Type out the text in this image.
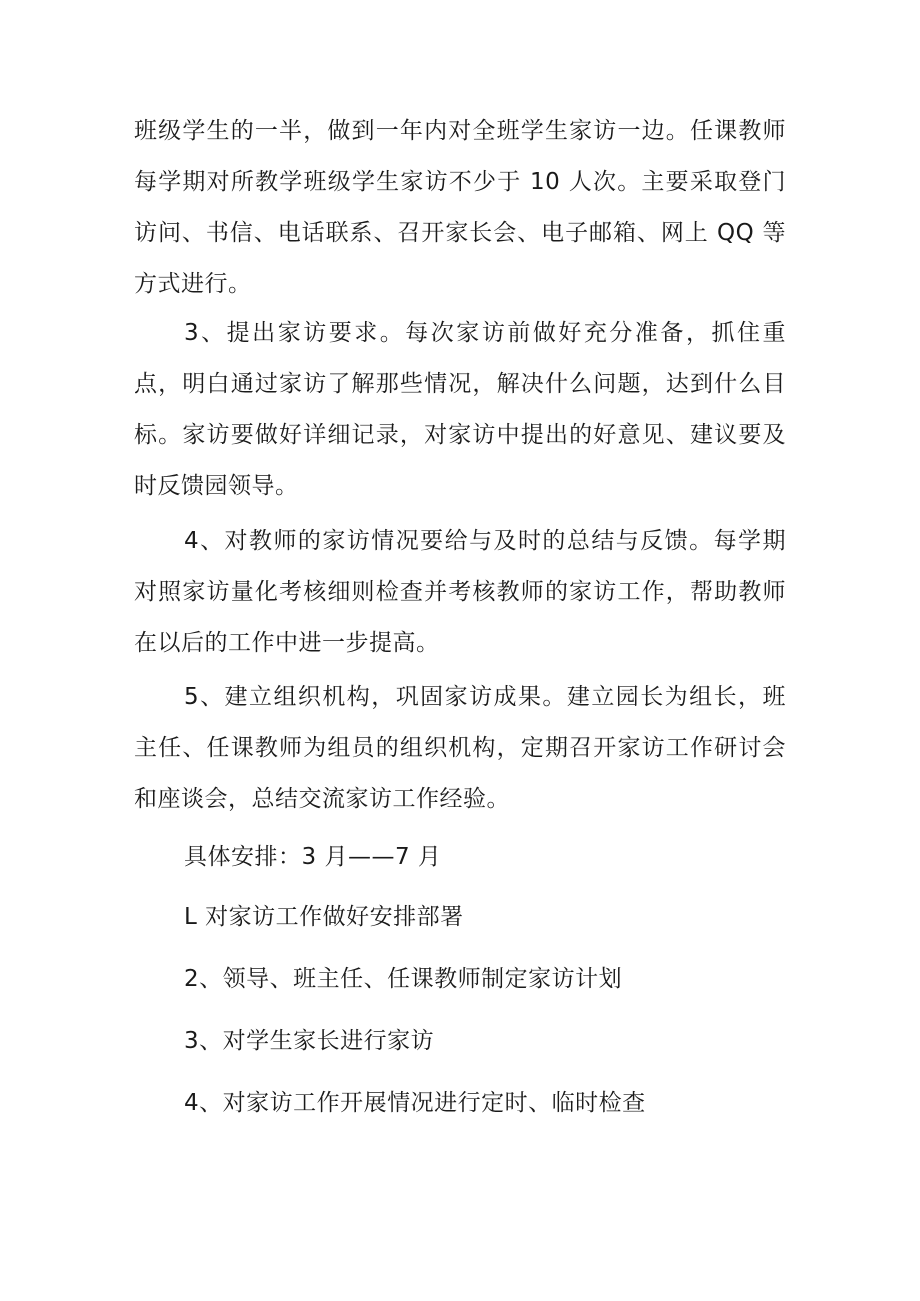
班级学生的一半，做到一年内对全班学生家访一边。任课教师每学期对所教学班级学生家访不少于 10 人次。主要采取登门访问、书信、电话联系、召开家长会、电子邮箱、网上 QQ 等方式进行。

3、提出家访要求。每次家访前做好充分准备，抓住重点，明白通过家访了解那些情况，解决什么问题，达到什么目标。家访要做好详细记录，对家访中提出的好意见、建议要及时反馈园领导。

4、对教师的家访情况要给与及时的总结与反馈。每学期对照家访量化考核细则检查并考核教师的家访工作，帮助教师在以后的工作中进一步提高。

5、建立组织机构，巩固家访成果。建立园长为组长，班主任、任课教师为组员的组织机构，定期召开家访工作研讨会和座谈会，总结交流家访工作经验。

具体安排：3 月——7 月

L 对家访工作做好安排部署

2、领导、班主任、任课教师制定家访计划

3、对学生家长进行家访

4、对家访工作开展情况进行定时、临时检查
